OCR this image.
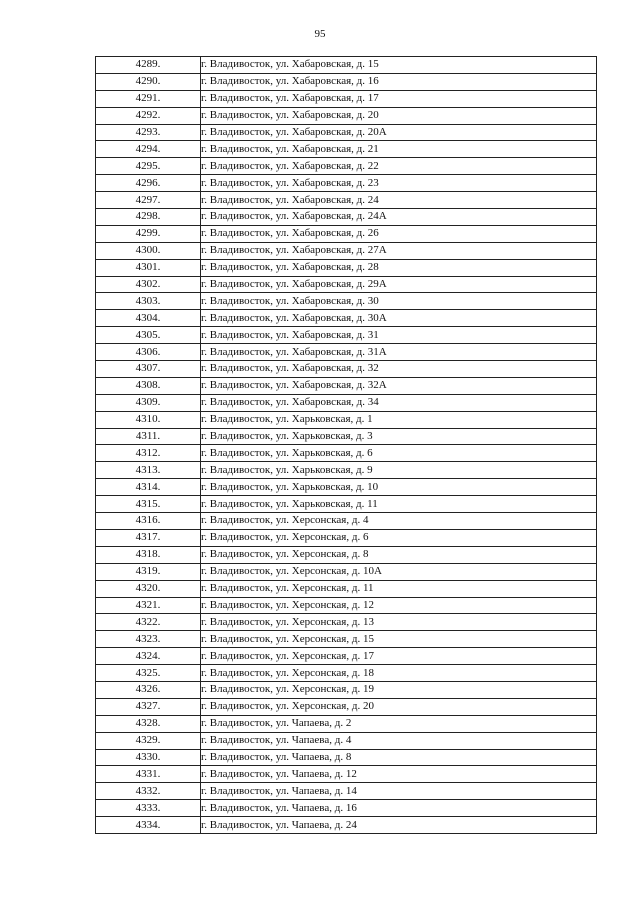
95
4289.	г. Владивосток, ул. Хабаровская, д. 15
4290.	г. Владивосток, ул. Хабаровская, д. 16
4291.	г. Владивосток, ул. Хабаровская, д. 17
4292.	г. Владивосток, ул. Хабаровская, д. 20
4293.	г. Владивосток, ул. Хабаровская, д. 20А
4294.	г. Владивосток, ул. Хабаровская, д. 21
4295.	г. Владивосток, ул. Хабаровская, д. 22
4296.	г. Владивосток, ул. Хабаровская, д. 23
4297.	г. Владивосток, ул. Хабаровская, д. 24
4298.	г. Владивосток, ул. Хабаровская, д. 24А
4299.	г. Владивосток, ул. Хабаровская, д. 26
4300.	г. Владивосток, ул. Хабаровская, д. 27А
4301.	г. Владивосток, ул. Хабаровская, д. 28
4302.	г. Владивосток, ул. Хабаровская, д. 29А
4303.	г. Владивосток, ул. Хабаровская, д. 30
4304.	г. Владивосток, ул. Хабаровская, д. 30А
4305.	г. Владивосток, ул. Хабаровская, д. 31
4306.	г. Владивосток, ул. Хабаровская, д. 31А
4307.	г. Владивосток, ул. Хабаровская, д. 32
4308.	г. Владивосток, ул. Хабаровская, д. 32А
4309.	г. Владивосток, ул. Хабаровская, д. 34
4310.	г. Владивосток, ул. Харьковская, д. 1
4311.	г. Владивосток, ул. Харьковская, д. 3
4312.	г. Владивосток, ул. Харьковская, д. 6
4313.	г. Владивосток, ул. Харьковская, д. 9
4314.	г. Владивосток, ул. Харьковская, д. 10
4315.	г. Владивосток, ул. Харьковская, д. 11
4316.	г. Владивосток, ул. Херсонская, д. 4
4317.	г. Владивосток, ул. Херсонская, д. 6
4318.	г. Владивосток, ул. Херсонская, д. 8
4319.	г. Владивосток, ул. Херсонская, д. 10А
4320.	г. Владивосток, ул. Херсонская, д. 11
4321.	г. Владивосток, ул. Херсонская, д. 12
4322.	г. Владивосток, ул. Херсонская, д. 13
4323.	г. Владивосток, ул. Херсонская, д. 15
4324.	г. Владивосток, ул. Херсонская, д. 17
4325.	г. Владивосток, ул. Херсонская, д. 18
4326.	г. Владивосток, ул. Херсонская, д. 19
4327.	г. Владивосток, ул. Херсонская, д. 20
4328.	г. Владивосток, ул. Чапаева, д. 2
4329.	г. Владивосток, ул. Чапаева, д. 4
4330.	г. Владивосток, ул. Чапаева, д. 8
4331.	г. Владивосток, ул. Чапаева, д. 12
4332.	г. Владивосток, ул. Чапаева, д. 14
4333.	г. Владивосток, ул. Чапаева, д. 16
4334.	г. Владивосток, ул. Чапаева, д. 24
